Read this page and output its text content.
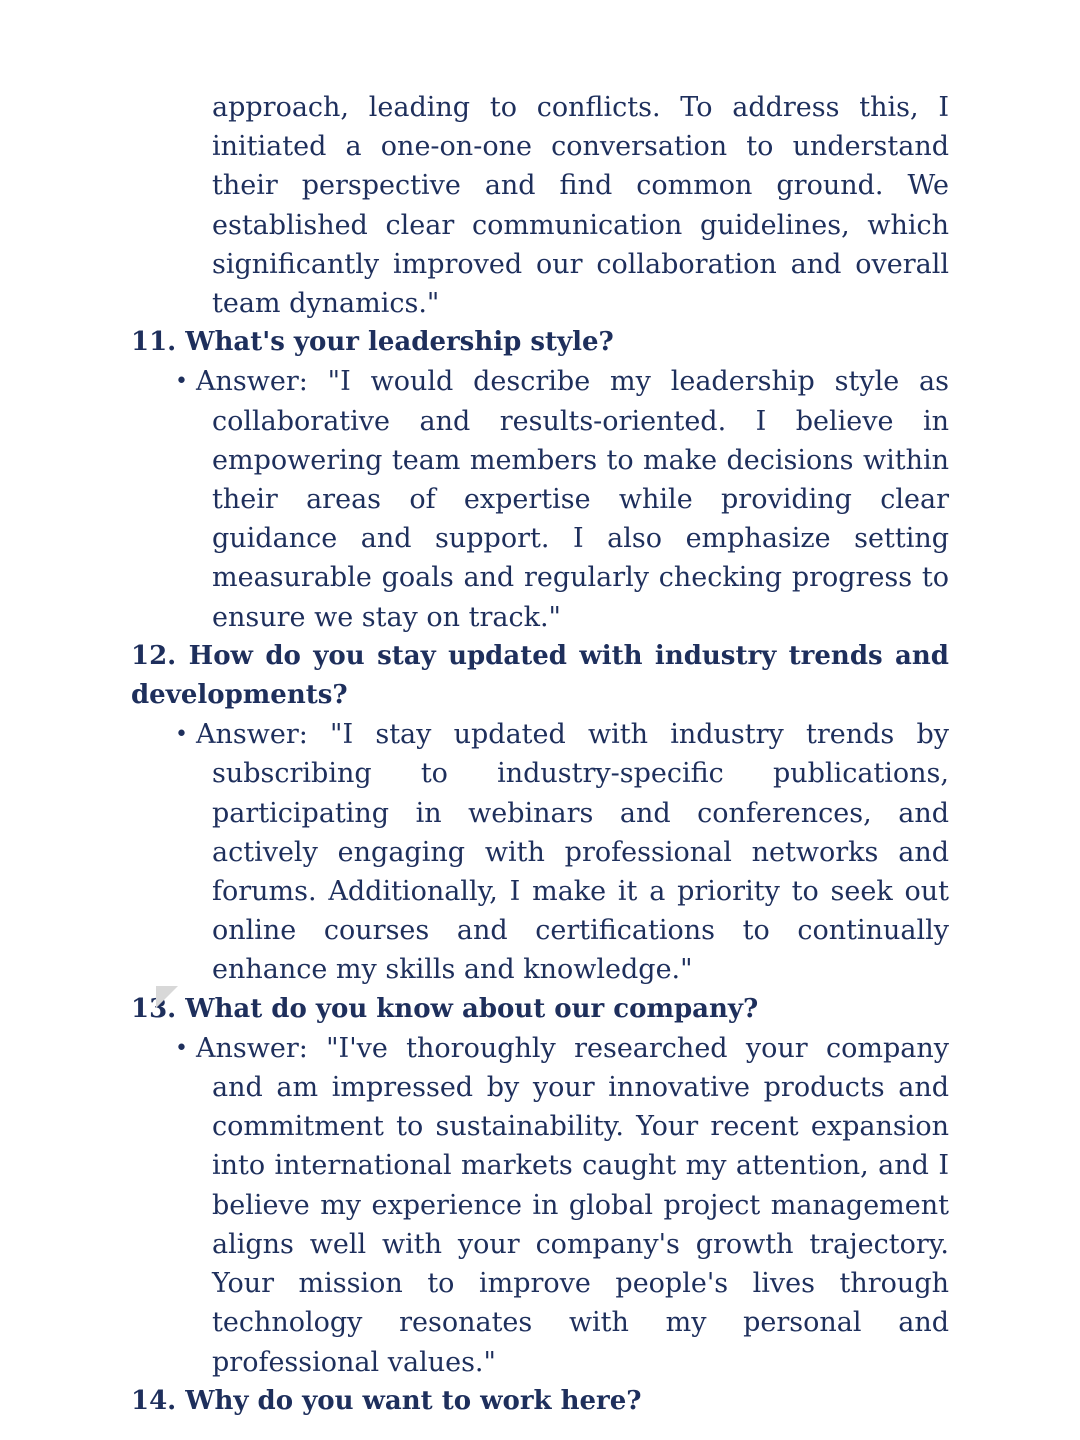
approach, leading to conflicts. To address this, I initiated a one-on-one conversation to understand their perspective and find common ground. We established clear communication guidelines, which significantly improved our collaboration and overall team dynamics."

11. What's your leadership style?

• Answer: "I would describe my leadership style as collaborative and results-oriented. I believe in empowering team members to make decisions within their areas of expertise while providing clear guidance and support. I also emphasize setting measurable goals and regularly checking progress to ensure we stay on track."

12. How do you stay updated with industry trends and developments?

• Answer: "I stay updated with industry trends by subscribing to industry-specific publications, participating in webinars and conferences, and actively engaging with professional networks and forums. Additionally, I make it a priority to seek out online courses and certifications to continually enhance my skills and knowledge."

13. What do you know about our company?

• Answer: "I've thoroughly researched your company and am impressed by your innovative products and commitment to sustainability. Your recent expansion into international markets caught my attention, and I believe my experience in global project management aligns well with your company's growth trajectory. Your mission to improve people's lives through technology resonates with my personal and professional values."

14. Why do you want to work here?
